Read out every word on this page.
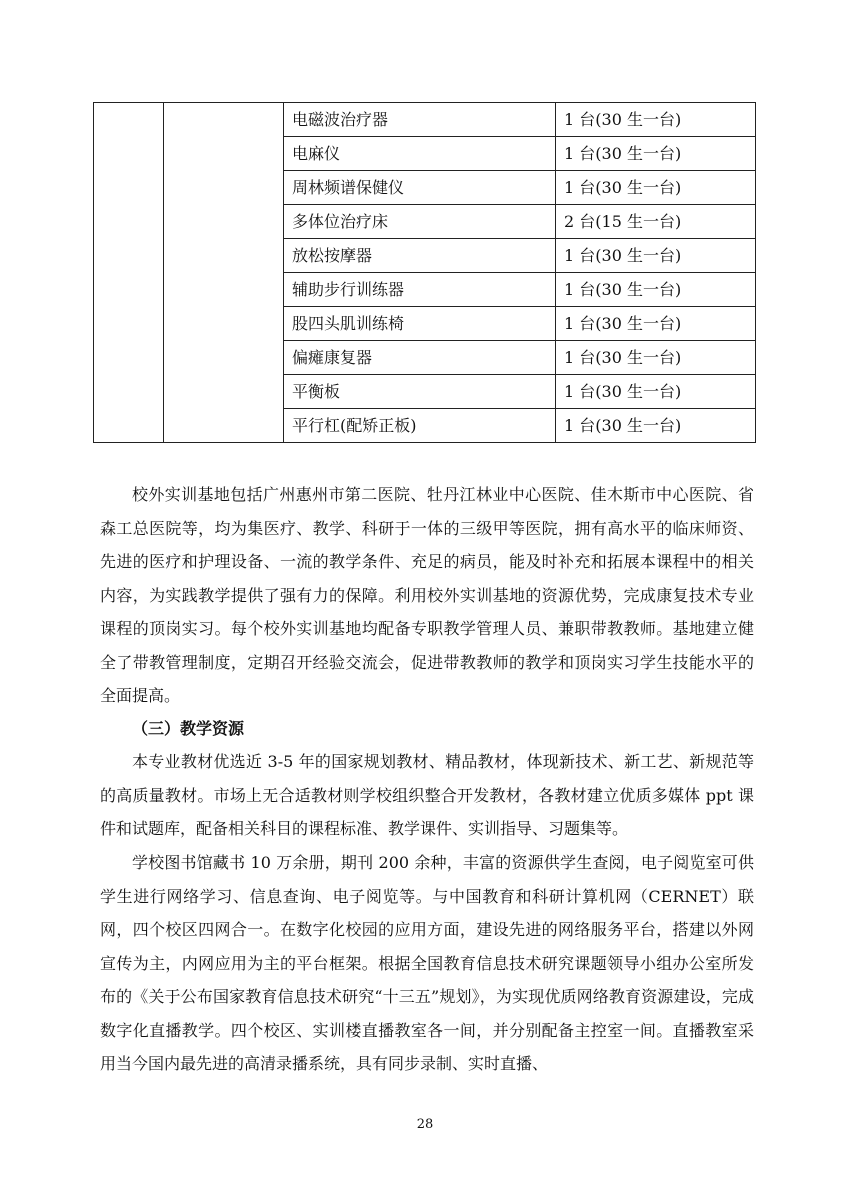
		电磁波治疗器	1 台(30 生一台)
		电麻仪	1 台(30 生一台)
		周林频谱保健仪	1 台(30 生一台)
		多体位治疗床	2 台(15 生一台)
		放松按摩器	1 台(30 生一台)
		辅助步行训练器	1 台(30 生一台)
		股四头肌训练椅	1 台(30 生一台)
		偏瘫康复器	1 台(30 生一台)
		平衡板	1 台(30 生一台)
		平行杠(配矫正板)	1 台(30 生一台)

校外实训基地包括广州惠州市第二医院、牡丹江林业中心医院、佳木斯市中心医院、省森工总医院等，均为集医疗、教学、科研于一体的三级甲等医院，拥有高水平的临床师资、先进的医疗和护理设备、一流的教学条件、充足的病员，能及时补充和拓展本课程中的相关内容，为实践教学提供了强有力的保障。利用校外实训基地的资源优势，完成康复技术专业课程的顶岗实习。每个校外实训基地均配备专职教学管理人员、兼职带教教师。基地建立健全了带教管理制度，定期召开经验交流会，促进带教教师的教学和顶岗实习学生技能水平的全面提高。

（三）教学资源

本专业教材优选近 3-5 年的国家规划教材、精品教材，体现新技术、新工艺、新规范等的高质量教材。市场上无合适教材则学校组织整合开发教材，各教材建立优质多媒体 ppt 课件和试题库，配备相关科目的课程标准、教学课件、实训指导、习题集等。

学校图书馆藏书 10 万余册，期刊 200 余种，丰富的资源供学生查阅，电子阅览室可供学生进行网络学习、信息查询、电子阅览等。与中国教育和科研计算机网（CERNET）联网，四个校区四网合一。在数字化校园的应用方面，建设先进的网络服务平台，搭建以外网宣传为主，内网应用为主的平台框架。根据全国教育信息技术研究课题领导小组办公室所发布的《关于公布国家教育信息技术研究“十三五”规划》，为实现优质网络教育资源建设，完成数字化直播教学。四个校区、实训楼直播教室各一间，并分别配备主控室一间。直播教室采用当今国内最先进的高清录播系统，具有同步录制、实时直播、

28
